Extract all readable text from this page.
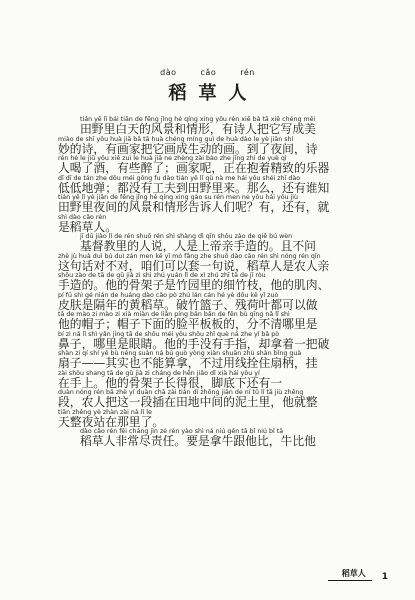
dào	cǎo	rén
稻草人
tián yě lǐ bái tiān de fēng jǐng hé qíng xing yǒu rén xiě bǎ tā xiě chéng měi
田野里白天的风景和情形，有诗人把它写成美
miào de shī yǒu huà jiā bǎ tā huà chéng míng guì de huà dào le yè jiān shí
妙的诗，有画家把它画成生动的画。到了夜间，诗
rén hé le jiǔ yǒu xiē zuì le huà jiā ne zhèng zài bào zhe jīng zhì de yuè qì
人喝了酒，有些醉了；画家呢，正在抱着精致的乐器
dī dī de tán zhe dōu méi gōng fu dào tián yě lǐ qù nà me hái yǒu shéi zhī dào
低低地弹；都没有工夫到田野里来。那么，还有谁知
tián yě lǐ yè jiān de fēng jǐng hé qíng xing gào su rén men ne yǒu hái yǒu jiù
田野里夜间的风景和情形告诉人们呢？有，还有，就
shì dào cǎo rén
是稻草人。
jī dū jiào lǐ de rén shuō rén shì shàng dì qīn shǒu zào de qiě bú wèn
基督教里的人说，人是上帝亲手造的。且不问
zhè jù huà duì bú duì zán men kě yǐ mó fǎng zhe shuō dào cǎo rén shì nóng rén qīn
这句话对不对，咱们可以套一句说，稻草人是农人亲
shǒu zào de tā de gǔ jià zi shì zhú yuán lǐ de xì zhú zhī tā de jī ròu
手造的。他的骨架子是竹园里的细竹枝，他的肌肉、
pí fū shì gé nián de huáng dào cǎo pò zhú lán cán hé yè dōu kě yǐ zuò
皮肤是隔年的黄稻草。破竹篮子、残荷叶都可以做
tā de mào zi mào zi xià miàn de liǎn píng bǎn bǎn de fēn bù qīng nǎ lǐ shì
他的帽子；帽子下面的脸平板板的，分不清哪里是
bí zi nǎ lǐ shì yǎn jing tā de shǒu méi yǒu shǒu zhǐ què ná zhe yì bǎ pò
鼻子，哪里是眼睛。他的手没有手指，却拿着一把破
shàn zi qí shí yě bù néng suàn ná bú guò yòng xiàn shuān zhù shàn bǐng guà
扇子——其实也不能算拿，不过用线拴住扇柄，挂
zài shǒu shang tā de gǔ jià zi cháng de hěn jiǎo dǐ xià hái yǒu yí
在手上。他的骨架子长得很，脚底下还有一
duàn nóng rén bǎ zhè yí duàn chā zài tián dì zhōng jiān de ní tǔ lǐ tā jiù zhěng
段，农人把这一段插在田地中间的泥土里，他就整
tiān zhěng yè zhàn zài nà lǐ le
天整夜站在那里了。
dào cǎo rén fēi cháng jìn zé rèn yào shì ná niú gēn tā bǐ niú bǐ tā
稻草人非常尽责任。要是拿牛跟他比，牛比他
稻草人	1
